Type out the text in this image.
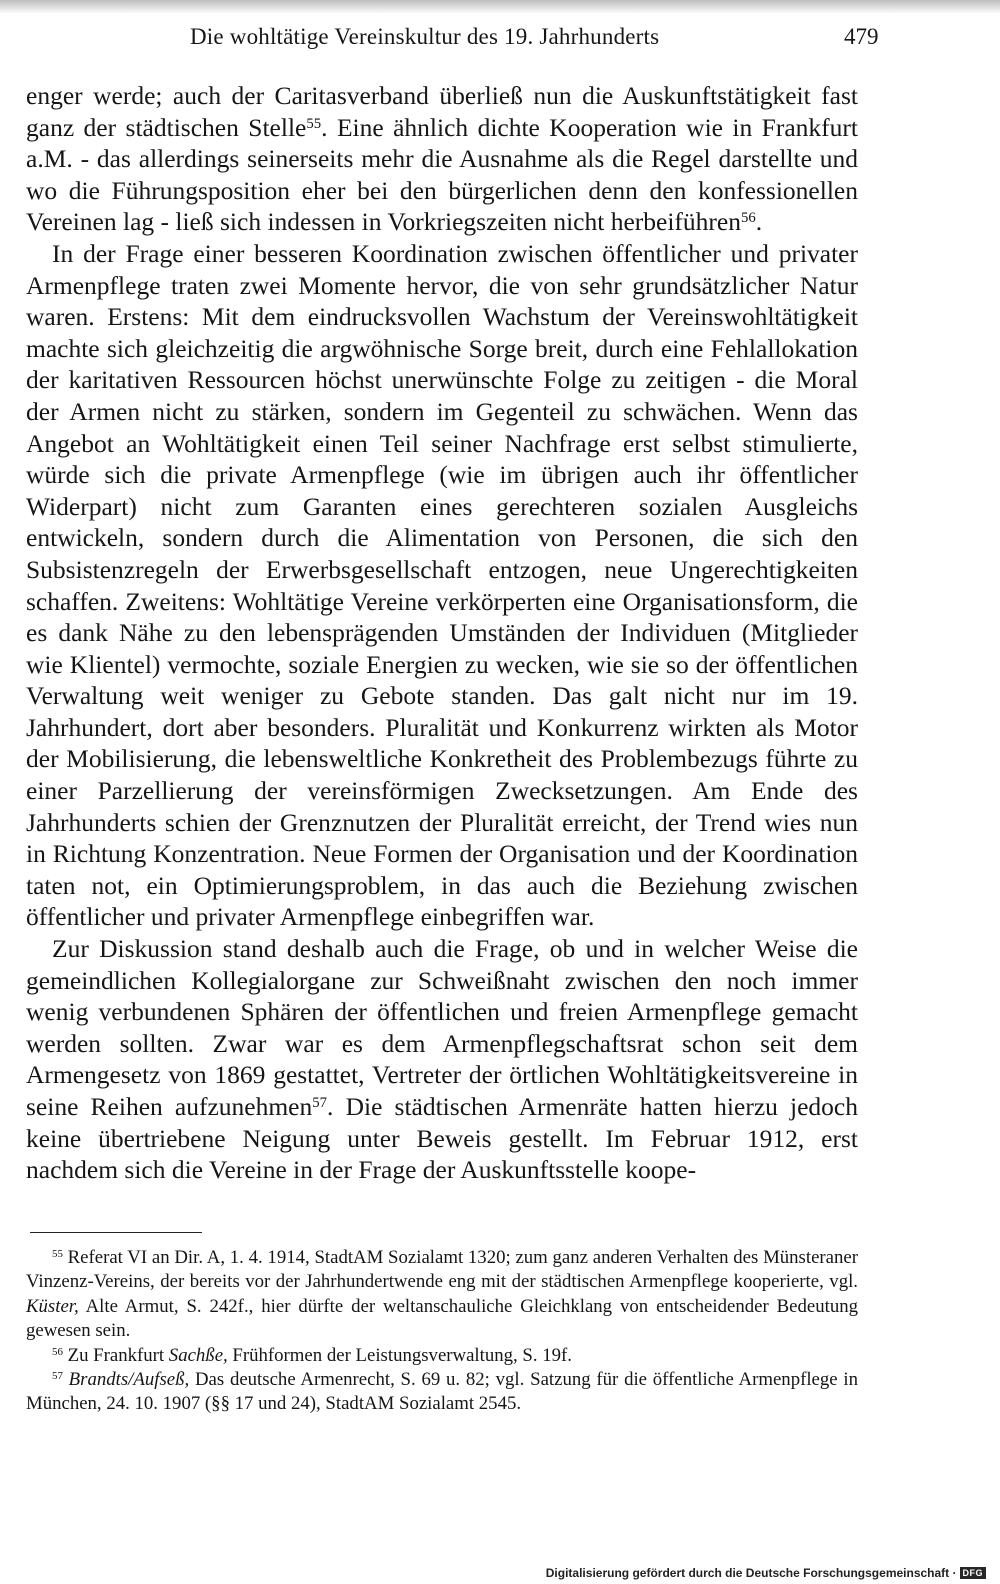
Die wohltätige Vereinskultur des 19. Jahrhunderts	479

enger werde; auch der Caritasverband überließ nun die Auskunftstätigkeit fast ganz der städtischen Stelle$^{55}$. Eine ähnlich dichte Kooperation wie in Frankfurt a.M. - das allerdings seinerseits mehr die Ausnahme als die Regel darstellte und wo die Führungsposition eher bei den bürgerlichen denn den konfessionellen Vereinen lag - ließ sich indessen in Vorkriegszeiten nicht herbeiführen$^{56}$.

In der Frage einer besseren Koordination zwischen öffentlicher und privater Armenpflege traten zwei Momente hervor, die von sehr grundsätzlicher Natur waren. Erstens: Mit dem eindrucksvollen Wachstum der Vereinswohltätigkeit machte sich gleichzeitig die argwöhnische Sorge breit, durch eine Fehlallokation der karitativen Ressourcen höchst unerwünschte Folge zu zeitigen - die Moral der Armen nicht zu stärken, sondern im Gegenteil zu schwächen. Wenn das Angebot an Wohltätigkeit einen Teil seiner Nachfrage erst selbst stimulierte, würde sich die private Armenpflege (wie im übrigen auch ihr öffentlicher Widerpart) nicht zum Garanten eines gerechteren sozialen Ausgleichs entwickeln, sondern durch die Alimentation von Personen, die sich den Subsistenzregeln der Erwerbsgesellschaft entzogen, neue Ungerechtigkeiten schaffen. Zweitens: Wohltätige Vereine verkörperten eine Organisationsform, die es dank Nähe zu den lebensprägenden Umständen der Individuen (Mitglieder wie Klientel) vermochte, soziale Energien zu wecken, wie sie so der öffentlichen Verwaltung weit weniger zu Gebote standen. Das galt nicht nur im 19. Jahrhundert, dort aber besonders. Pluralität und Konkurrenz wirkten als Motor der Mobilisierung, die lebensweltliche Konkretheit des Problembezugs führte zu einer Parzellierung der vereinsförmigen Zwecksetzungen. Am Ende des Jahrhunderts schien der Grenznutzen der Pluralität erreicht, der Trend wies nun in Richtung Konzentration. Neue Formen der Organisation und der Koordination taten not, ein Optimierungsproblem, in das auch die Beziehung zwischen öffentlicher und privater Armenpflege einbegriffen war.

Zur Diskussion stand deshalb auch die Frage, ob und in welcher Weise die gemeindlichen Kollegialorgane zur Schweißnaht zwischen den noch immer wenig verbundenen Sphären der öffentlichen und freien Armenpflege gemacht werden sollten. Zwar war es dem Armenpflegschaftsrat schon seit dem Armengesetz von 1869 gestattet, Vertreter der örtlichen Wohltätigkeitsvereine in seine Reihen aufzunehmen$^{57}$. Die städtischen Armenräte hatten hierzu jedoch keine übertriebene Neigung unter Beweis gestellt. Im Februar 1912, erst nachdem sich die Vereine in der Frage der Auskunftsstelle koope-

$^{55}$ Referat VI an Dir. A, 1. 4. 1914, StadtAM Sozialamt 1320; zum ganz anderen Verhalten des Münsteraner Vinzenz-Vereins, der bereits vor der Jahrhundertwende eng mit der städtischen Armenpflege kooperierte, vgl. Küster, Alte Armut, S. 242f., hier dürfte der weltanschauliche Gleichklang von entscheidender Bedeutung gewesen sein.

$^{56}$ Zu Frankfurt Sachße, Frühformen der Leistungsverwaltung, S. 19f.

$^{57}$ Brandts/Aufseß, Das deutsche Armenrecht, S. 69 u. 82; vgl. Satzung für die öffentliche Armenpflege in München, 24. 10. 1907 (§§ 17 und 24), StadtAM Sozialamt 2545.

Digitalisierung gefördert durch die Deutsche Forschungsgemeinschaft · DFG
